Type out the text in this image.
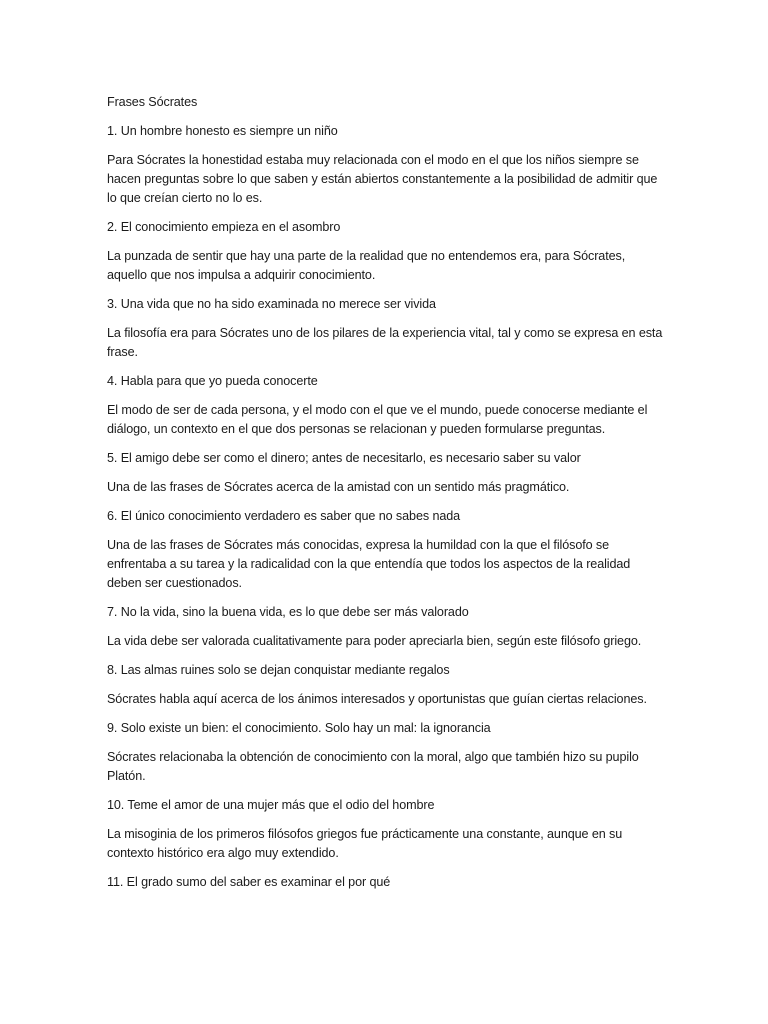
Frases Sócrates

1. Un hombre honesto es siempre un niño

Para Sócrates la honestidad estaba muy relacionada con el modo en el que los niños siempre se hacen preguntas sobre lo que saben y están abiertos constantemente a la posibilidad de admitir que lo que creían cierto no lo es.

2. El conocimiento empieza en el asombro

La punzada de sentir que hay una parte de la realidad que no entendemos era, para Sócrates, aquello que nos impulsa a adquirir conocimiento.

3. Una vida que no ha sido examinada no merece ser vivida

La filosofía era para Sócrates uno de los pilares de la experiencia vital, tal y como se expresa en esta frase.

4. Habla para que yo pueda conocerte

El modo de ser de cada persona, y el modo con el que ve el mundo, puede conocerse mediante el diálogo, un contexto en el que dos personas se relacionan y pueden formularse preguntas.

5. El amigo debe ser como el dinero; antes de necesitarlo, es necesario saber su valor

Una de las frases de Sócrates acerca de la amistad con un sentido más pragmático.

6. El único conocimiento verdadero es saber que no sabes nada

Una de las frases de Sócrates más conocidas, expresa la humildad con la que el filósofo se enfrentaba a su tarea y la radicalidad con la que entendía que todos los aspectos de la realidad deben ser cuestionados.

7. No la vida, sino la buena vida, es lo que debe ser más valorado

La vida debe ser valorada cualitativamente para poder apreciarla bien, según este filósofo griego.

8. Las almas ruines solo se dejan conquistar mediante regalos

Sócrates habla aquí acerca de los ánimos interesados y oportunistas que guían ciertas relaciones.

9. Solo existe un bien: el conocimiento. Solo hay un mal: la ignorancia

Sócrates relacionaba la obtención de conocimiento con la moral, algo que también hizo su pupilo Platón.

10. Teme el amor de una mujer más que el odio del hombre

La misoginia de los primeros filósofos griegos fue prácticamente una constante, aunque en su contexto histórico era algo muy extendido.

11. El grado sumo del saber es examinar el por qué
